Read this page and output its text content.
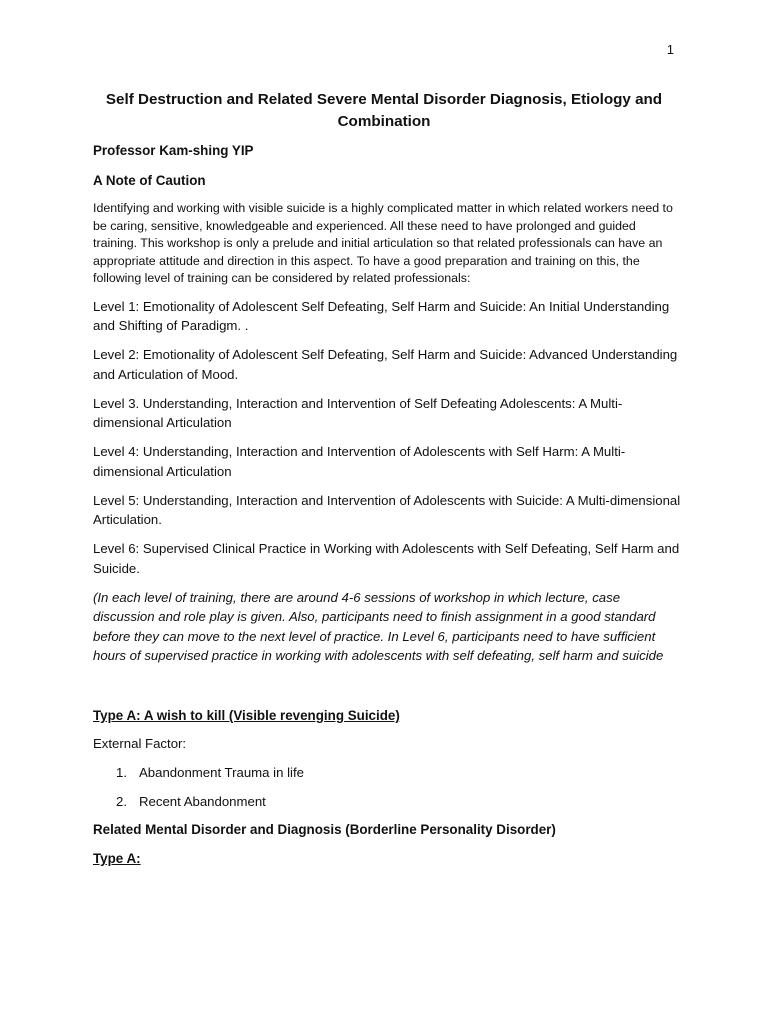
1
Self Destruction and Related Severe Mental Disorder Diagnosis, Etiology and Combination

Professor Kam-shing YIP

A Note of Caution

Identifying and working with visible suicide is a highly complicated matter in which related workers need to be caring, sensitive, knowledgeable and experienced. All these need to have prolonged and guided training. This workshop is only a prelude and initial articulation so that related professionals can have an appropriate attitude and direction in this aspect. To have a good preparation and training on this, the following level of training can be considered by related professionals:

Level 1: Emotionality of Adolescent Self Defeating, Self Harm and Suicide: An Initial Understanding and Shifting of Paradigm. .

Level 2: Emotionality of Adolescent Self Defeating, Self Harm and Suicide: Advanced Understanding and Articulation of Mood.

Level 3. Understanding, Interaction and Intervention of Self Defeating Adolescents: A Multi-dimensional Articulation

Level 4: Understanding, Interaction and Intervention of Adolescents with Self Harm: A Multi-dimensional Articulation

Level 5: Understanding, Interaction and Intervention of Adolescents with Suicide: A Multi-dimensional Articulation.

Level 6: Supervised Clinical Practice in Working with Adolescents with Self Defeating, Self Harm and Suicide.

(In each level of training, there are around 4-6 sessions of workshop in which lecture, case discussion and role play is given. Also, participants need to finish assignment in a good standard before they can move to the next level of practice. In Level 6, participants need to have sufficient hours of supervised practice in working with adolescents with self defeating, self harm and suicide

Type A: A wish to kill (Visible revenging Suicide)

External Factor:

1. Abandonment Trauma in life
2. Recent Abandonment

Related Mental Disorder and Diagnosis (Borderline Personality Disorder)

Type A:
